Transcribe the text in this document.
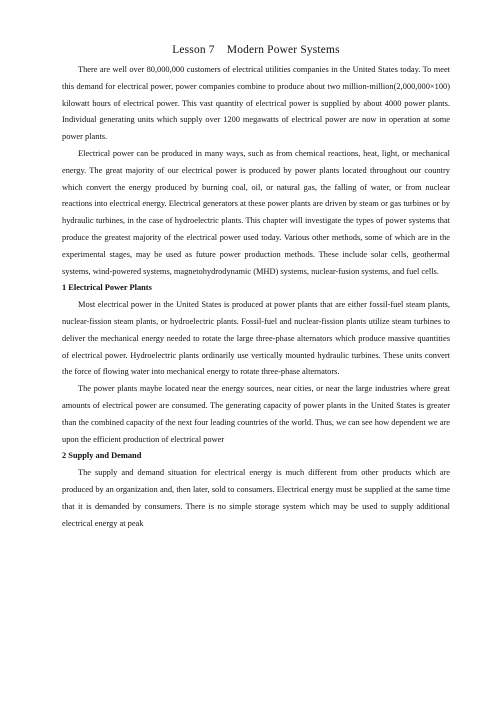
Lesson 7    Modern Power Systems

There are well over 80,000,000 customers of electrical utilities companies in the United States today. To meet this demand for electrical power, power companies combine to produce about two million-million(2,000,000×100) kilowatt hours of electrical power. This vast quantity of electrical power is supplied by about 4000 power plants. Individual generating units which supply over 1200 megawatts of electrical power are now in operation at some power plants.

Electrical power can be produced in many ways, such as from chemical reactions, heat, light, or mechanical energy. The great majority of our electrical power is produced by power plants located throughout our country which convert the energy produced by burning coal, oil, or natural gas, the falling of water, or from nuclear reactions into electrical energy. Electrical generators at these power plants are driven by steam or gas turbines or by hydraulic turbines, in the case of hydroelectric plants. This chapter will investigate the types of power systems that produce the greatest majority of the electrical power used today. Various other methods, some of which are in the experimental stages, may be used as future power production methods. These include solar cells, geothermal systems, wind-powered systems, magnetohydrodynamic (MHD) systems, nuclear-fusion systems, and fuel cells.

1 Electrical Power Plants

Most electrical power in the United States is produced at power plants that are either fossil-fuel steam plants, nuclear-fission steam plants, or hydroelectric plants. Fossil-fuel and nuclear-fission plants utilize steam turbines to deliver the mechanical energy needed to rotate the large three-phase alternators which produce massive quantities of electrical power. Hydroelectric plants ordinarily use vertically mounted hydraulic turbines. These units convert the force of flowing water into mechanical energy to rotate three-phase alternators.

The power plants maybe located near the energy sources, near cities, or near the large industries where great amounts of electrical power are consumed. The generating capacity of power plants in the United States is greater than the combined capacity of the next four leading countries of the world. Thus, we can see how dependent we are upon the efficient production of electrical power

2 Supply and Demand

The supply and demand situation for electrical energy is much different from other products which are produced by an organization and, then later, sold to consumers. Electrical energy must be supplied at the same time that it is demanded by consumers. There is no simple storage system which may be used to supply additional electrical energy at peak
